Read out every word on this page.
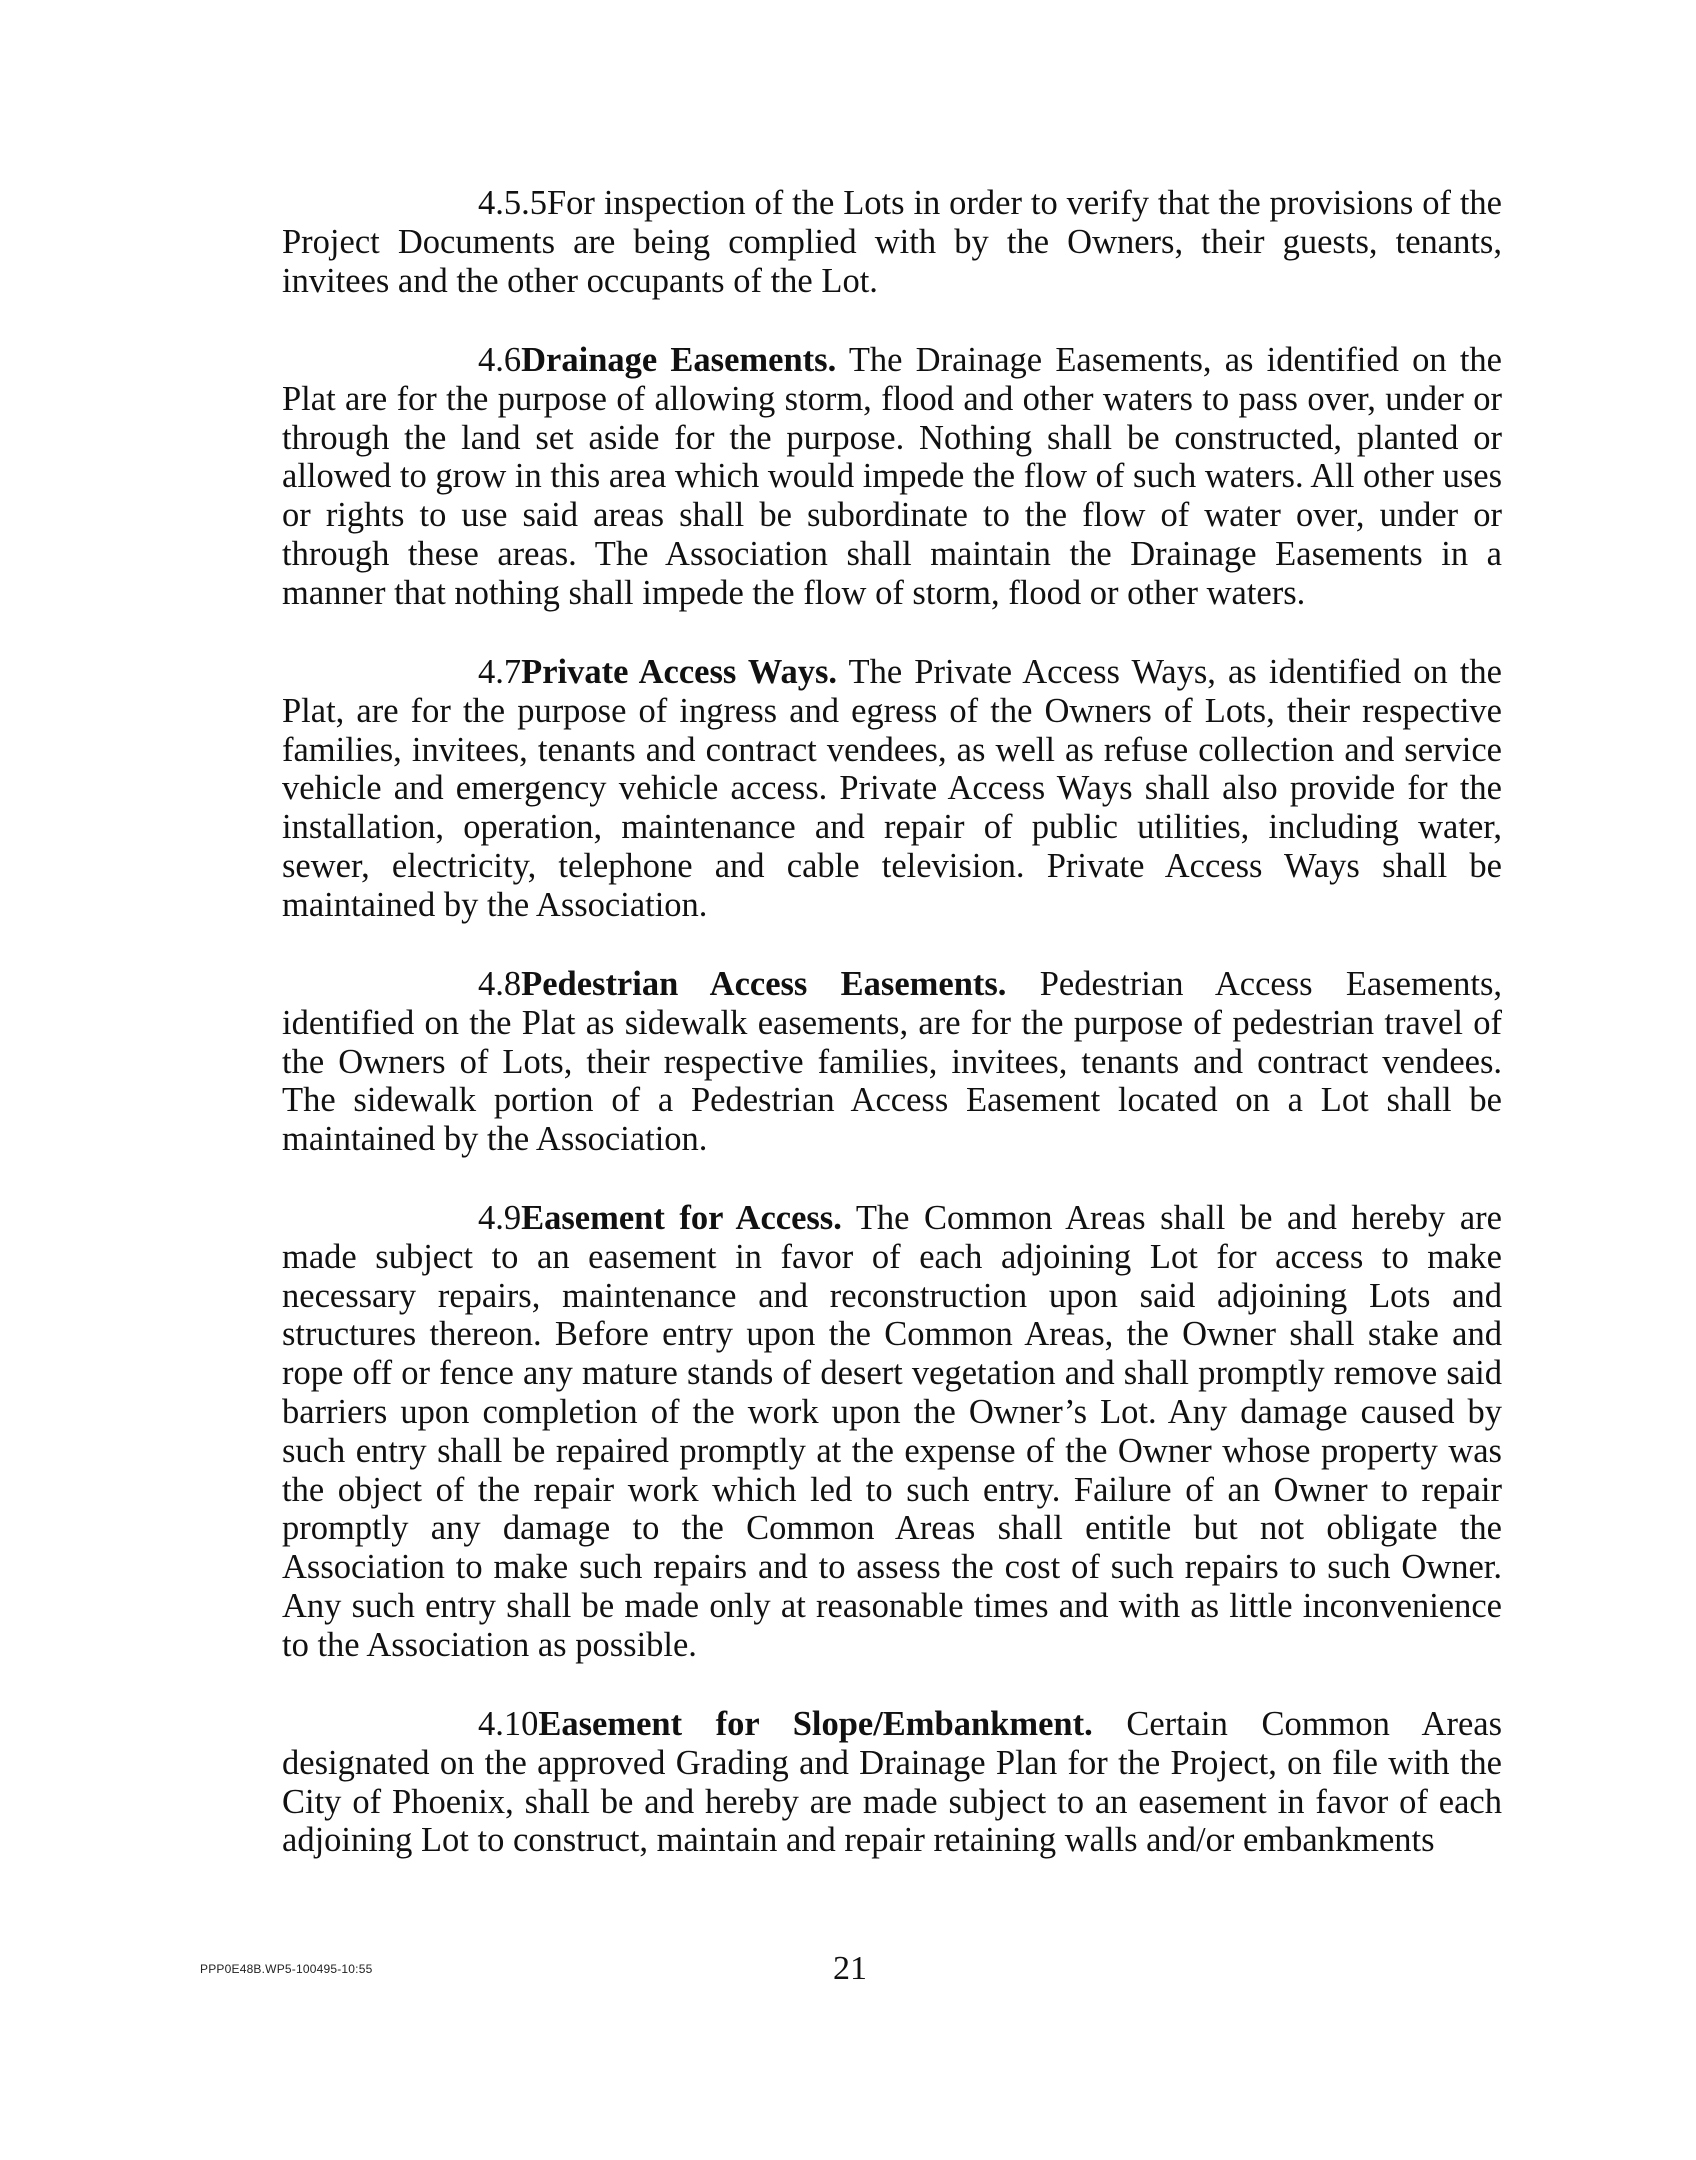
4.5.5For inspection of the Lots in order to verify that the provisions of the Project Documents are being complied with by the Owners, their guests, tenants, invitees and the other occupants of the Lot.

4.6Drainage Easements. The Drainage Easements, as identified on the Plat are for the purpose of allowing storm, flood and other waters to pass over, under or through the land set aside for the purpose. Nothing shall be constructed, planted or allowed to grow in this area which would impede the flow of such waters. All other uses or rights to use said areas shall be subordinate to the flow of water over, under or through these areas. The Association shall maintain the Drainage Easements in a manner that nothing shall impede the flow of storm, flood or other waters.

4.7Private Access Ways. The Private Access Ways, as identified on the Plat, are for the purpose of ingress and egress of the Owners of Lots, their respective families, invitees, tenants and contract vendees, as well as refuse collection and service vehicle and emergency vehicle access. Private Access Ways shall also provide for the installation, operation, maintenance and repair of public utilities, including water, sewer, electricity, telephone and cable television. Private Access Ways shall be maintained by the Association.

4.8Pedestrian Access Easements. Pedestrian Access Easements, identified on the Plat as sidewalk easements, are for the purpose of pedestrian travel of the Owners of Lots, their respective families, invitees, tenants and contract vendees. The sidewalk portion of a Pedestrian Access Easement located on a Lot shall be maintained by the Association.

4.9Easement for Access. The Common Areas shall be and hereby are made subject to an easement in favor of each adjoining Lot for access to make necessary repairs, maintenance and reconstruction upon said adjoining Lots and structures thereon. Before entry upon the Common Areas, the Owner shall stake and rope off or fence any mature stands of desert vegetation and shall promptly remove said barriers upon completion of the work upon the Owner’s Lot. Any damage caused by such entry shall be repaired promptly at the expense of the Owner whose property was the object of the repair work which led to such entry. Failure of an Owner to repair promptly any damage to the Common Areas shall entitle but not obligate the Association to make such repairs and to assess the cost of such repairs to such Owner. Any such entry shall be made only at reasonable times and with as little inconvenience to the Association as possible.

4.10Easement for Slope/Embankment. Certain Common Areas designated on the approved Grading and Drainage Plan for the Project, on file with the City of Phoenix, shall be and hereby are made subject to an easement in favor of each adjoining Lot to construct, maintain and repair retaining walls and/or embankments

PPP0E48B.WP5-100495-10:55	21
